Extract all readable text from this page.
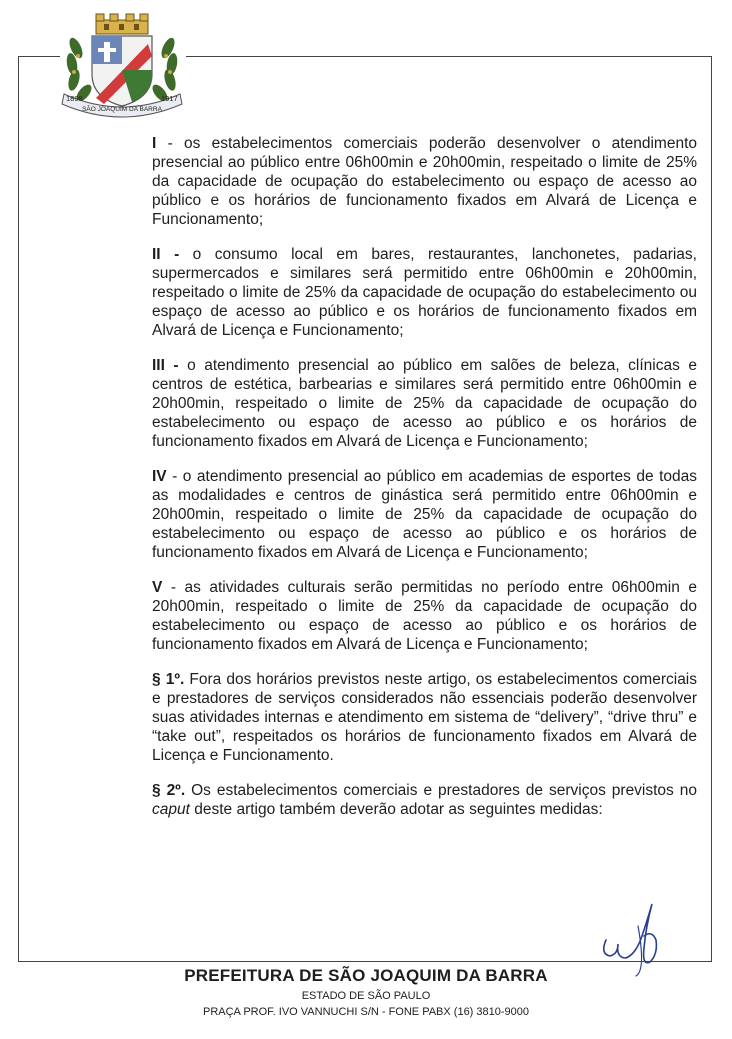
1898	1917
SÃO JOAQUIM DA BARRA

I - os estabelecimentos comerciais poderão desenvolver o atendimento presencial ao público entre 06h00min e 20h00min, respeitado o limite de 25% da capacidade de ocupação do estabelecimento ou espaço de acesso ao público e os horários de funcionamento fixados em Alvará de Licença e Funcionamento;

II - o consumo local em bares, restaurantes, lanchonetes, padarias, supermercados e similares será permitido entre 06h00min e 20h00min, respeitado o limite de 25% da capacidade de ocupação do estabelecimento ou espaço de acesso ao público e os horários de funcionamento fixados em Alvará de Licença e Funcionamento;

III - o atendimento presencial ao público em salões de beleza, clínicas e centros de estética, barbearias e similares será permitido entre 06h00min e 20h00min, respeitado o limite de 25% da capacidade de ocupação do estabelecimento ou espaço de acesso ao público e os horários de funcionamento fixados em Alvará de Licença e Funcionamento;

IV - o atendimento presencial ao público em academias de esportes de todas as modalidades e centros de ginástica será permitido entre 06h00min e 20h00min, respeitado o limite de 25% da capacidade de ocupação do estabelecimento ou espaço de acesso ao público e os horários de funcionamento fixados em Alvará de Licença e Funcionamento;

V - as atividades culturais serão permitidas no período entre 06h00min e 20h00min, respeitado o limite de 25% da capacidade de ocupação do estabelecimento ou espaço de acesso ao público e os horários de funcionamento fixados em Alvará de Licença e Funcionamento;

§ 1º. Fora dos horários previstos neste artigo, os estabelecimentos comerciais e prestadores de serviços considerados não essenciais poderão desenvolver suas atividades internas e atendimento em sistema de “delivery”, “drive thru” e “take out”, respeitados os horários de funcionamento fixados em Alvará de Licença e Funcionamento.

§ 2º. Os estabelecimentos comerciais e prestadores de serviços previstos no caput deste artigo também deverão adotar as seguintes medidas:

PREFEITURA DE SÃO JOAQUIM DA BARRA
ESTADO DE SÃO PAULO
PRAÇA PROF. IVO VANNUCHI S/N - FONE PABX (16) 3810-9000
